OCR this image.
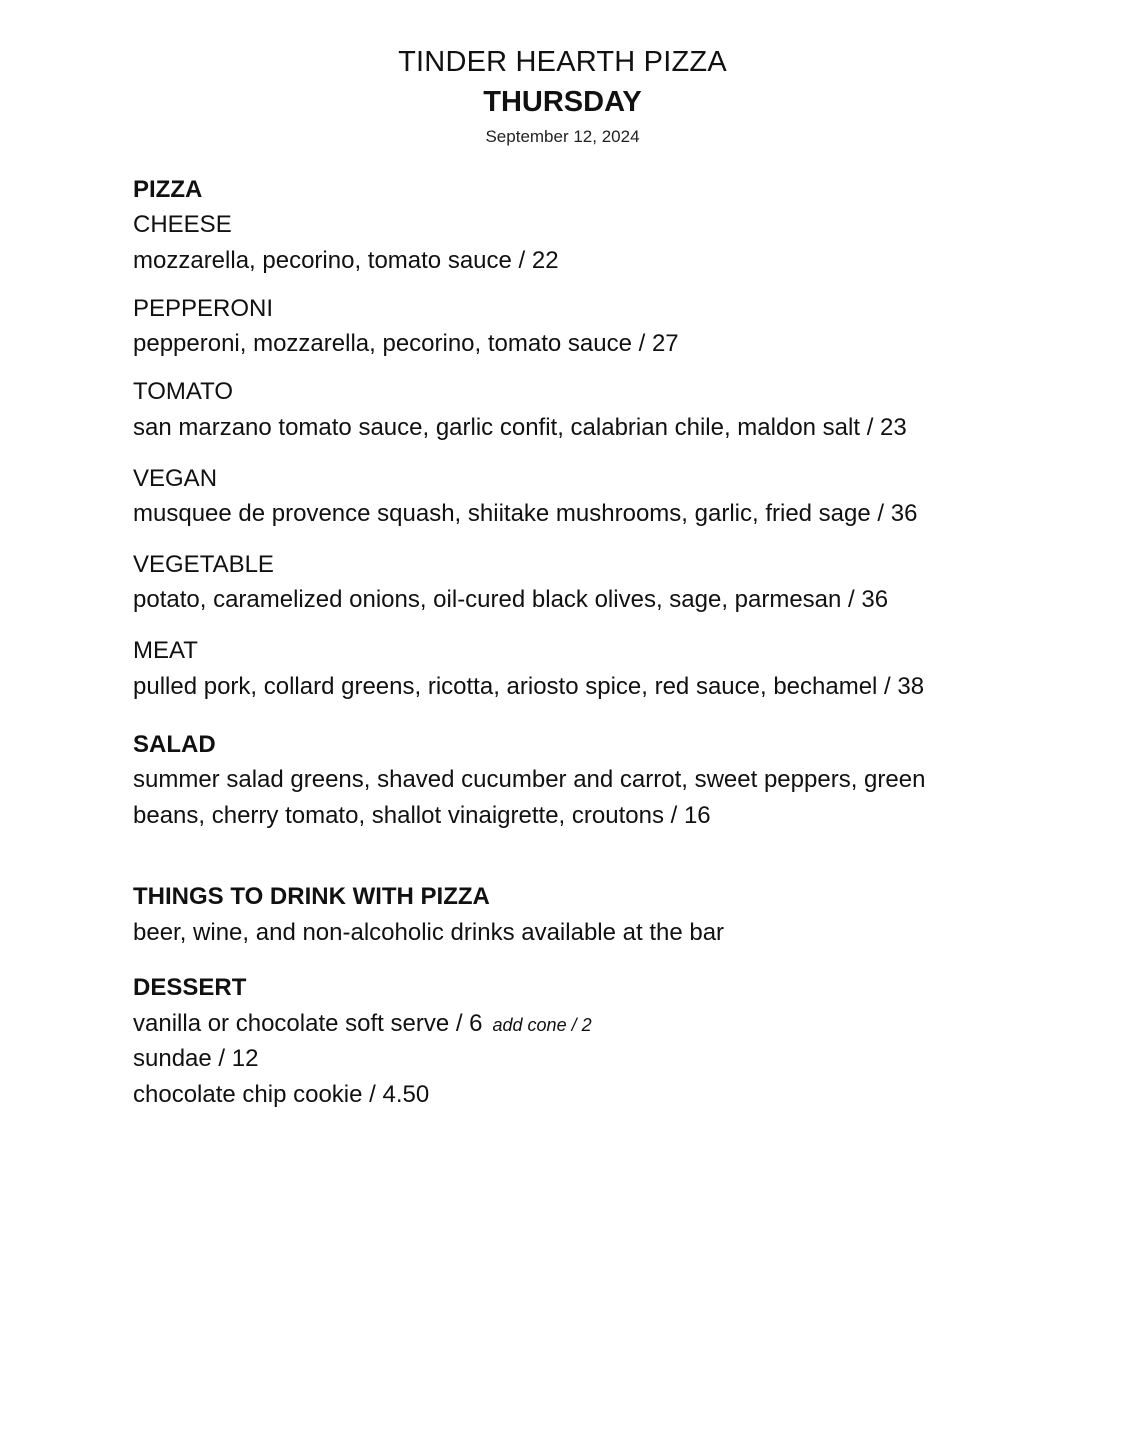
TINDER HEARTH PIZZA
THURSDAY
September 12, 2024
PIZZA
CHEESE
mozzarella, pecorino, tomato sauce / 22
PEPPERONI
pepperoni, mozzarella, pecorino, tomato sauce / 27
TOMATO
san marzano tomato sauce, garlic confit, calabrian chile, maldon salt / 23
VEGAN
musquee de provence squash, shiitake mushrooms, garlic, fried sage / 36
VEGETABLE
potato, caramelized onions, oil-cured black olives, sage, parmesan / 36
MEAT
pulled pork, collard greens, ricotta, ariosto spice, red sauce, bechamel / 38
SALAD
summer salad greens, shaved cucumber and carrot, sweet peppers, green
beans, cherry tomato, shallot vinaigrette, croutons / 16
THINGS TO DRINK WITH PIZZA
beer, wine, and non-alcoholic drinks available at the bar
DESSERT
vanilla or chocolate soft serve / 6 add cone / 2
sundae / 12
chocolate chip cookie / 4.50
